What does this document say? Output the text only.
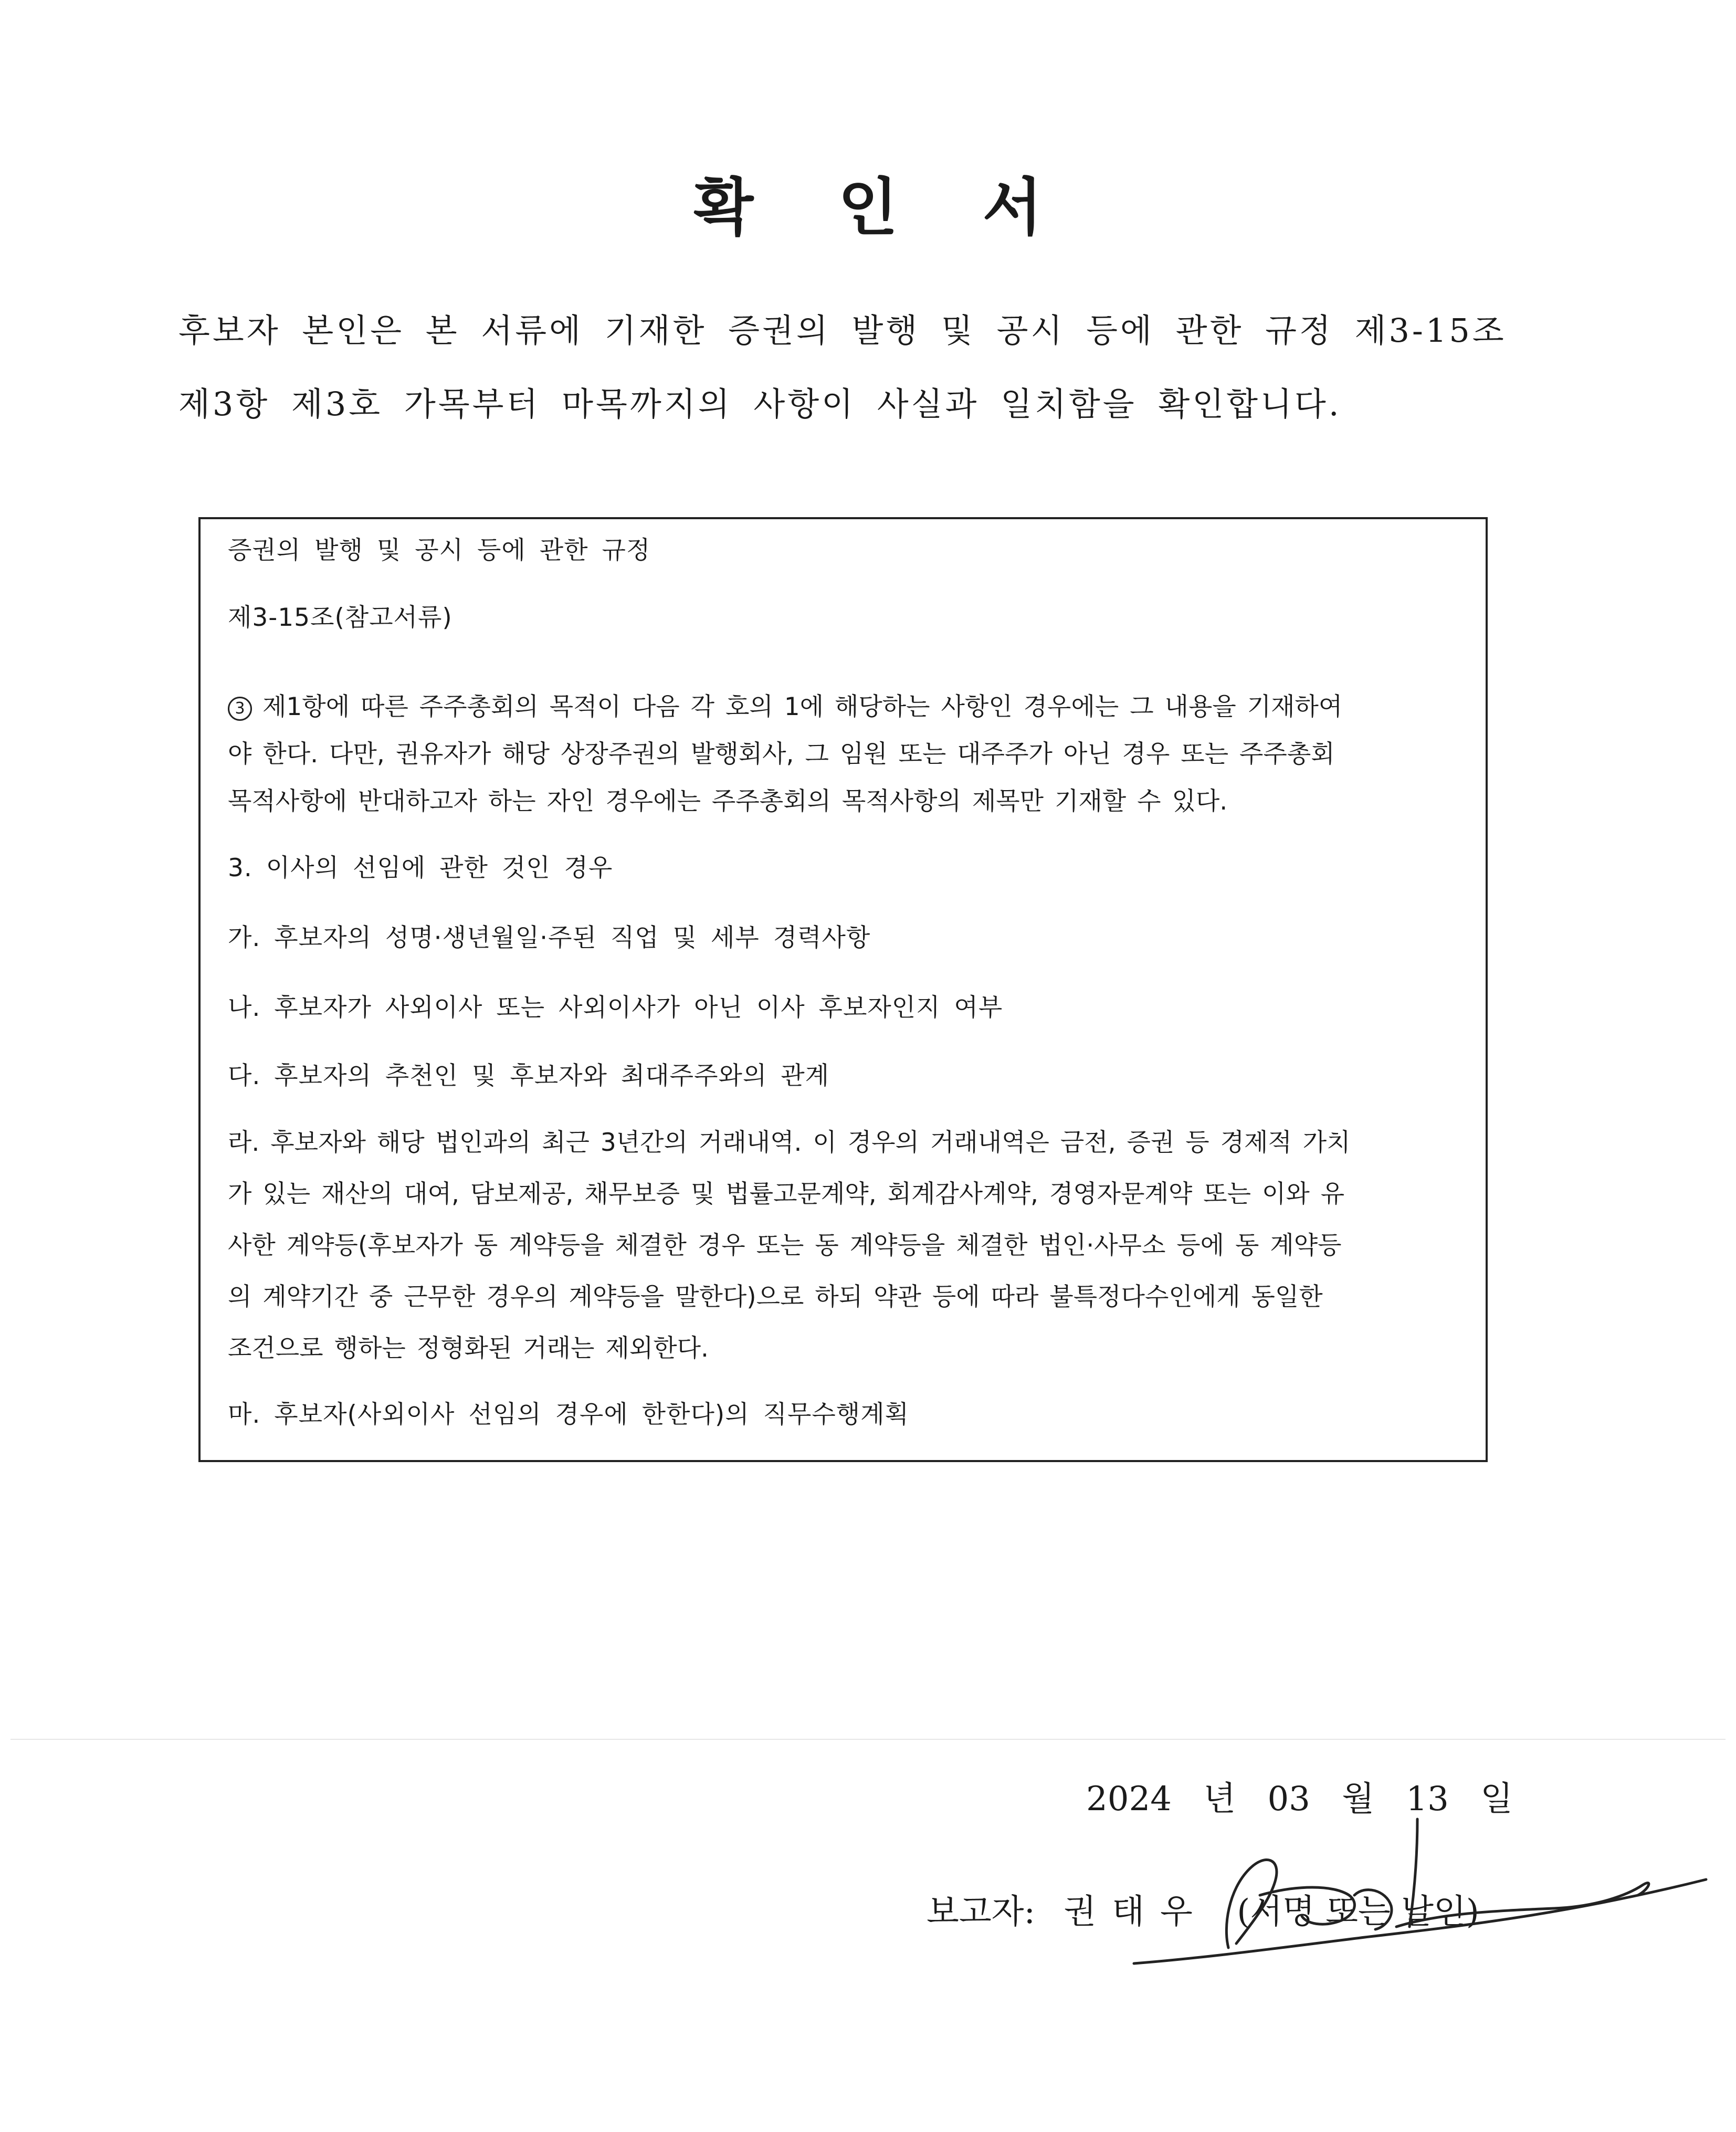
확 인 서
후보자 본인은 본 서류에 기재한 증권의 발행 및 공시 등에 관한 규정 제3-15조
제3항 제3호 가목부터 마목까지의 사항이 사실과 일치함을 확인합니다.
증권의 발행 및 공시 등에 관한 규정
제3-15조(참고서류)
3 제1항에 따른 주주총회의 목적이 다음 각 호의 1에 해당하는 사항인 경우에는 그 내용을 기재하여
야 한다. 다만, 권유자가 해당 상장주권의 발행회사, 그 임원 또는 대주주가 아닌 경우 또는 주주총회
목적사항에 반대하고자 하는 자인 경우에는 주주총회의 목적사항의 제목만 기재할 수 있다.
3. 이사의 선임에 관한 것인 경우
가. 후보자의 성명·생년월일·주된 직업 및 세부 경력사항
나. 후보자가 사외이사 또는 사외이사가 아닌 이사 후보자인지 여부
다. 후보자의 추천인 및 후보자와 최대주주와의 관계
라. 후보자와 해당 법인과의 최근 3년간의 거래내역. 이 경우의 거래내역은 금전, 증권 등 경제적 가치
가 있는 재산의 대여, 담보제공, 채무보증 및 법률고문계약, 회계감사계약, 경영자문계약 또는 이와 유
사한 계약등(후보자가 동 계약등을 체결한 경우 또는 동 계약등을 체결한 법인·사무소 등에 동 계약등
의 계약기간 중 근무한 경우의 계약등을 말한다)으로 하되 약관 등에 따라 불특정다수인에게 동일한
조건으로 행하는 정형화된 거래는 제외한다.
마. 후보자(사외이사 선임의 경우에 한한다)의 직무수행계획
2024 년 03 월 13 일
보고자: 권태우 (서명 또는 날인)
